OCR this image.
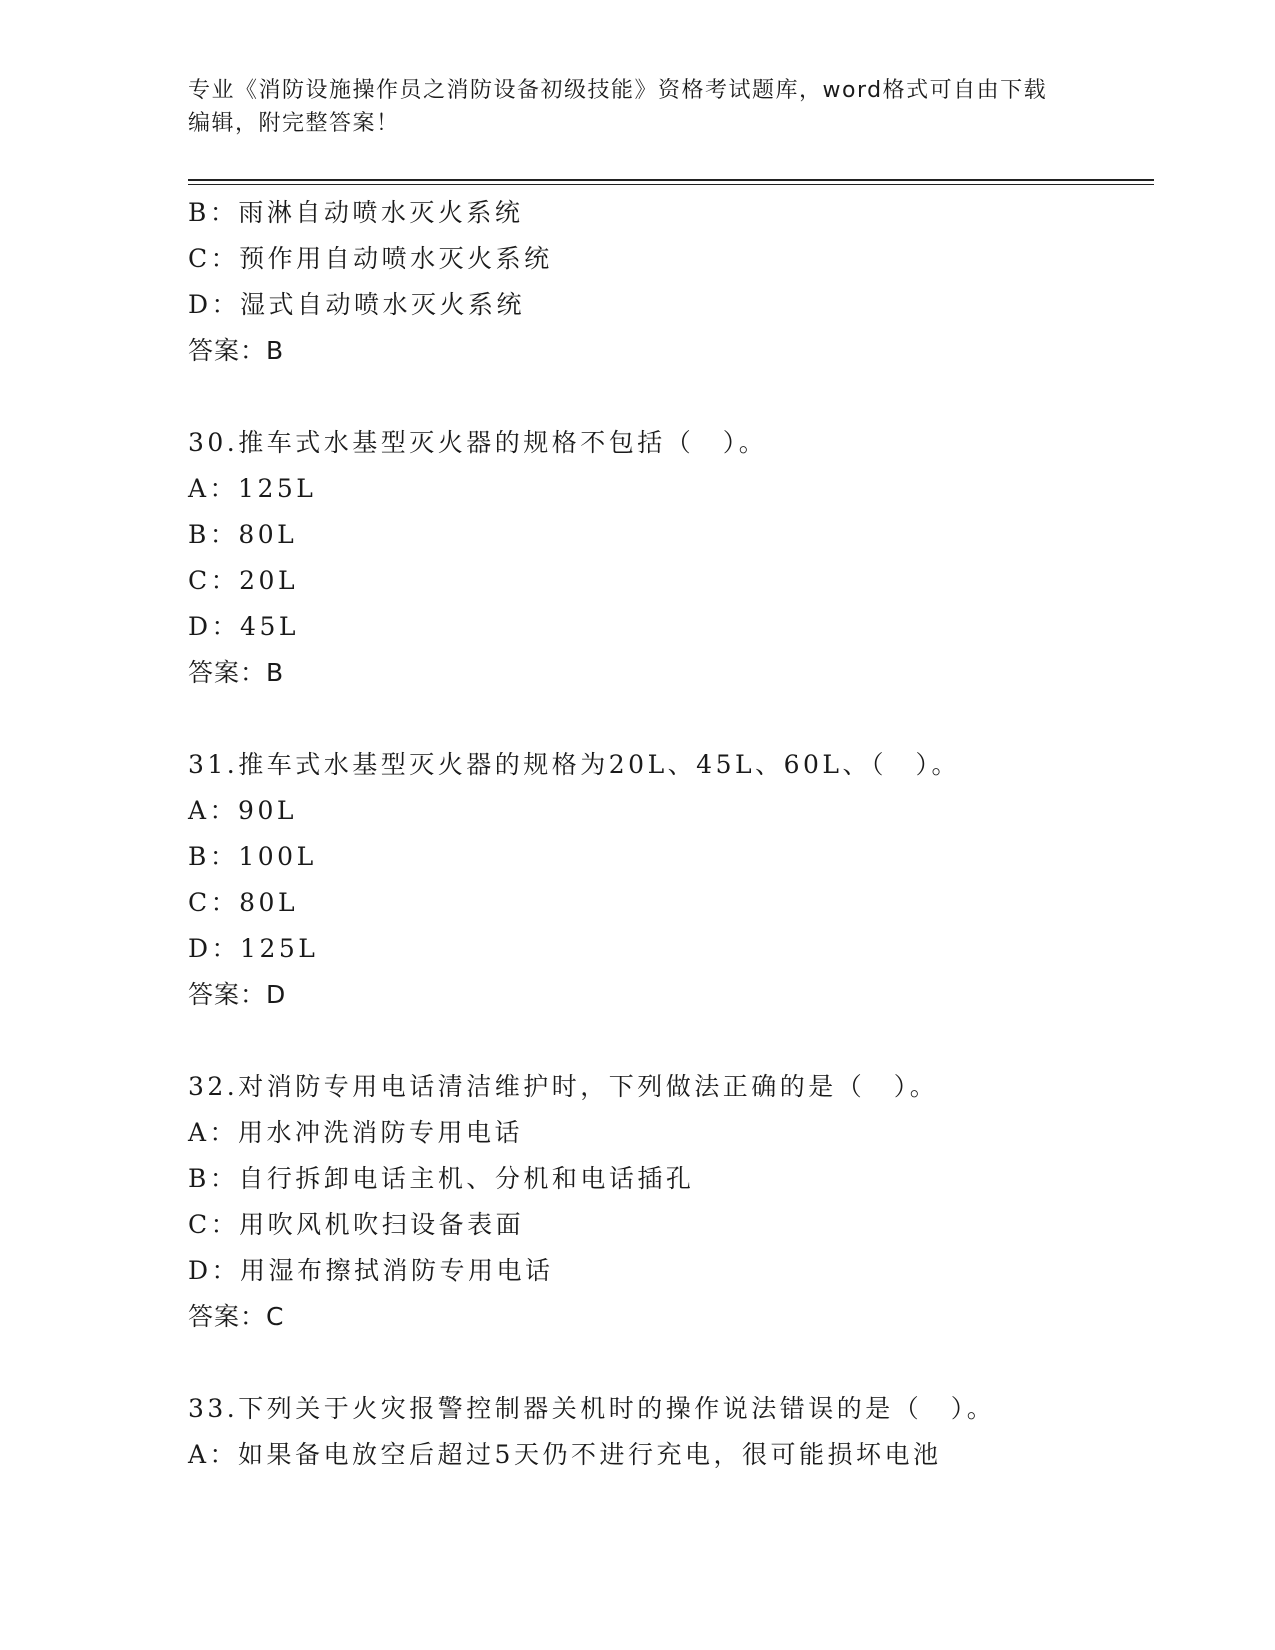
专业《消防设施操作员之消防设备初级技能》资格考试题库，word格式可自由下载编辑，附完整答案！
B：雨淋自动喷水灭火系统
C：预作用自动喷水灭火系统
D：湿式自动喷水灭火系统
答案：B
30.推车式水基型灭火器的规格不包括（　）。
A：125L
B：80L
C：20L
D：45L
答案：B
31.推车式水基型灭火器的规格为20L、45L、60L、（　）。
A：90L
B：100L
C：80L
D：125L
答案：D
32.对消防专用电话清洁维护时，下列做法正确的是（　）。
A：用水冲洗消防专用电话
B：自行拆卸电话主机、分机和电话插孔
C：用吹风机吹扫设备表面
D：用湿布擦拭消防专用电话
答案：C
33.下列关于火灾报警控制器关机时的操作说法错误的是（　）。
A：如果备电放空后超过5天仍不进行充电，很可能损坏电池
